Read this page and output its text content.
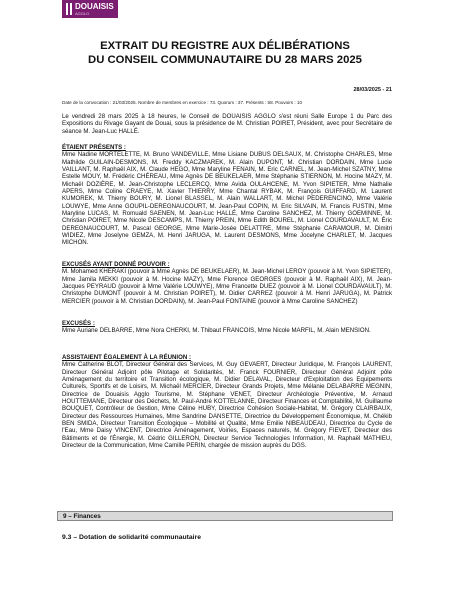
DOUAISIS
AGGLO
EXTRAIT DU REGISTRE AUX DÉLIBÉRATIONS
DU CONSEIL COMMUNAUTAIRE DU 28 MARS 2025
28/03/2025 - 21
Date de la convocation : 21/03/2025. Nombre de membres en exercice : 73. Quorum : 37. Présents : 58. Pouvoirs : 10
Le vendredi 28 mars 2025 à 18 heures, le Conseil de DOUAISIS AGGLO s'est réuni Salle Europe 1 du Parc des Expositions du Rivage Gayant de Douai, sous la présidence de M. Christian POIRET, Président, avec pour Secrétaire de séance M. Jean-Luc HALLÉ.
ÉTAIENT PRÉSENTS :
Mme Nadine MORTELETTE, M. Bruno VANDEVILLE, Mme Lisiane DUBUS DELSAUX, M. Christophe CHARLES, Mme Mathilde GUILAIN-DESMONS, M. Freddy KACZMAREK, M. Alain DUPONT, M. Christian DORDAIN, Mme Lucie VAILLANT, M. Raphaël AIX, M. Claude HEGO, Mme Maryline FENAIN, M. Eric CARNEL, M. Jean-Michel SZATNY, Mme Estelle MOUY, M. Frédéric CHÉREAU, Mme Agnès DE BEUKELAER, Mme Stéphanie STIERNON, M. Hocine MAZY, M. Michaël DOZIÈRE, M. Jean-Christophe LECLERCQ, Mme Avida OULAHCENE, M. Yvon SIPIETER, Mme Nathalie APERS, Mme Coline CRAEYE, M. Xavier THIERRY, Mme Chantal RYBAK, M. François GUIFFARD, M. Laurent KUMOREK, M. Thierry BOURY, M. Lionel BLASSEL, M. Alain WALLART, M. Michel PEDERENCINO, Mme Valérie LOUWYE, Mme Anne GOUPIL-DEREGNAUCOURT, M. Jean-Paul COPIN, M. Eric SILVAIN, M. Francis FUSTIN, Mme Maryline LUCAS, M. Romuald SAENEN, M. Jean-Luc HALLÉ, Mme Caroline SANCHEZ, M. Thierry GOEMINNE, M. Christian POIRET, Mme Nicole DESCAMPS, M. Thierry PREIN, Mme Edith BOUREL, M. Lionel COURDAVAULT, M. Éric DEREGNAUCOURT, M. Pascal GEORGE, Mme Marie-Josée DELATTRE, Mme Stéphanie CARAMOUR, M. Dimitri WIDIEZ, Mme Joselyne GEMZA, M. Henri JARUGA, M. Laurent DESMONS, Mme Jocelyne CHARLET, M. Jacques MICHON.
EXCUSÉS AYANT DONNÉ POUVOIR :
M. Mohamed KHERAKI (pouvoir à Mme Agnès DE BEUKELAER), M. Jean-Michel LEROY (pouvoir à M. Yvon SIPIETER), Mme Jamila MEKKI (pouvoir à M. Hocine MAZY), Mme Florence GEORGES (pouvoir à M. Raphaël AIX), M. Jean-Jacques PEYRAUD (pouvoir à Mme Valérie LOUWYE), Mme Francette DUEZ (pouvoir à M. Lionel COURDAVAULT), M. Christophe DUMONT (pouvoir à M. Christian POIRET), M. Didier CARREZ (pouvoir à M. Henri JARUGA), M. Patrick MERCIER (pouvoir à M. Christian DORDAIN), M. Jean-Paul FONTAINE (pouvoir à Mme Caroline SANCHEZ)
EXCUSÉS :
Mme Auriane DELBARRE, Mme Nora CHERKI, M. Thibaut FRANCOIS, Mme Nicole MARFIL, M. Alain MENSION.
ASSISTAIENT ÉGALEMENT À LA RÉUNION :
Mme Catherine BLOT, Directeur Général des Services, M. Guy GEVAERT, Directeur Juridique, M. François LAURENT, Directeur Général Adjoint pôle Pilotage et Solidarités, M. Franck FOURNIER, Directeur Général Adjoint pôle Aménagement du territoire et Transition écologique, M. Didier DELAVAL, Directeur d'Exploitation des Equipements Culturels, Sportifs et de Loisirs, M. Michaël MERCIER, Directeur Grands Projets, Mme Mélanie DELABARRE MEGNIN, Directrice de Douaisis Agglo Tourisme, M. Stéphane VENET, Directeur Archéologie Préventive, M. Arnaud HOUTTEMANE, Directeur des Déchets, M. Paul-André KOTTELANNE, Directeur Finances et Comptabilité, M. Guillaume BOUQUET, Contrôleur de Gestion, Mme Céline HUBY, Directrice Cohésion Sociale-Habitat, M. Grégory CLAIRBAUX, Directeur des Ressources Humaines, Mme Sandrine DANSETTE, Directrice du Développement Économique, M. Chékib BEN SMIDA, Directeur Transition Écologique – Mobilité et Qualité, Mme Emilie NIBEAUDEAU, Directrice du Cycle de l'Eau, Mme Daisy VINCENT, Directrice Aménagement, Voiries, Espaces naturels, M. Grégory FIEVET, Directeur des Bâtiments et de l'Énergie, M. Cédric GILLERON, Directeur Service Technologies Information, M. Raphaël MATHIEU, Directeur de la Communication, Mme Camille PERIN, chargée de mission auprès du DGS.
9 – Finances
9.3 – Dotation de solidarité communautaire
